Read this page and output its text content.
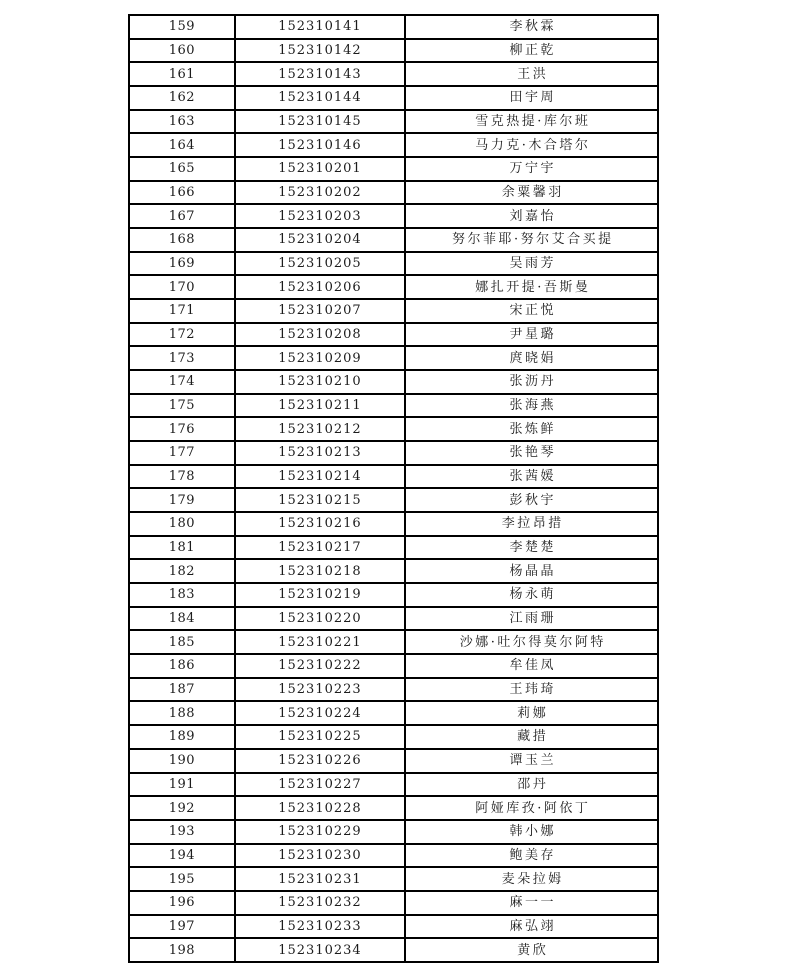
159	152310141	李秋霖
160	152310142	柳正乾
161	152310143	王洪
162	152310144	田宇周
163	152310145	雪克热提·库尔班
164	152310146	马力克·木合塔尔
165	152310201	万宁宇
166	152310202	余粟馨羽
167	152310203	刘嘉怡
168	152310204	努尔菲耶·努尔艾合买提
169	152310205	吴雨芳
170	152310206	娜扎开提·吾斯曼
171	152310207	宋正悦
172	152310208	尹星璐
173	152310209	庹晓娟
174	152310210	张沥丹
175	152310211	张海燕
176	152310212	张炼鲜
177	152310213	张艳琴
178	152310214	张茜媛
179	152310215	彭秋宇
180	152310216	李拉昂措
181	152310217	李楚楚
182	152310218	杨晶晶
183	152310219	杨永萌
184	152310220	江雨珊
185	152310221	沙娜·吐尔得莫尔阿特
186	152310222	牟佳凤
187	152310223	王玮琦
188	152310224	莉娜
189	152310225	藏措
190	152310226	谭玉兰
191	152310227	邵丹
192	152310228	阿娅库孜·阿依丁
193	152310229	韩小娜
194	152310230	鲍美存
195	152310231	麦朵拉姆
196	152310232	麻一一
197	152310233	麻弘翊
198	152310234	黄欣
